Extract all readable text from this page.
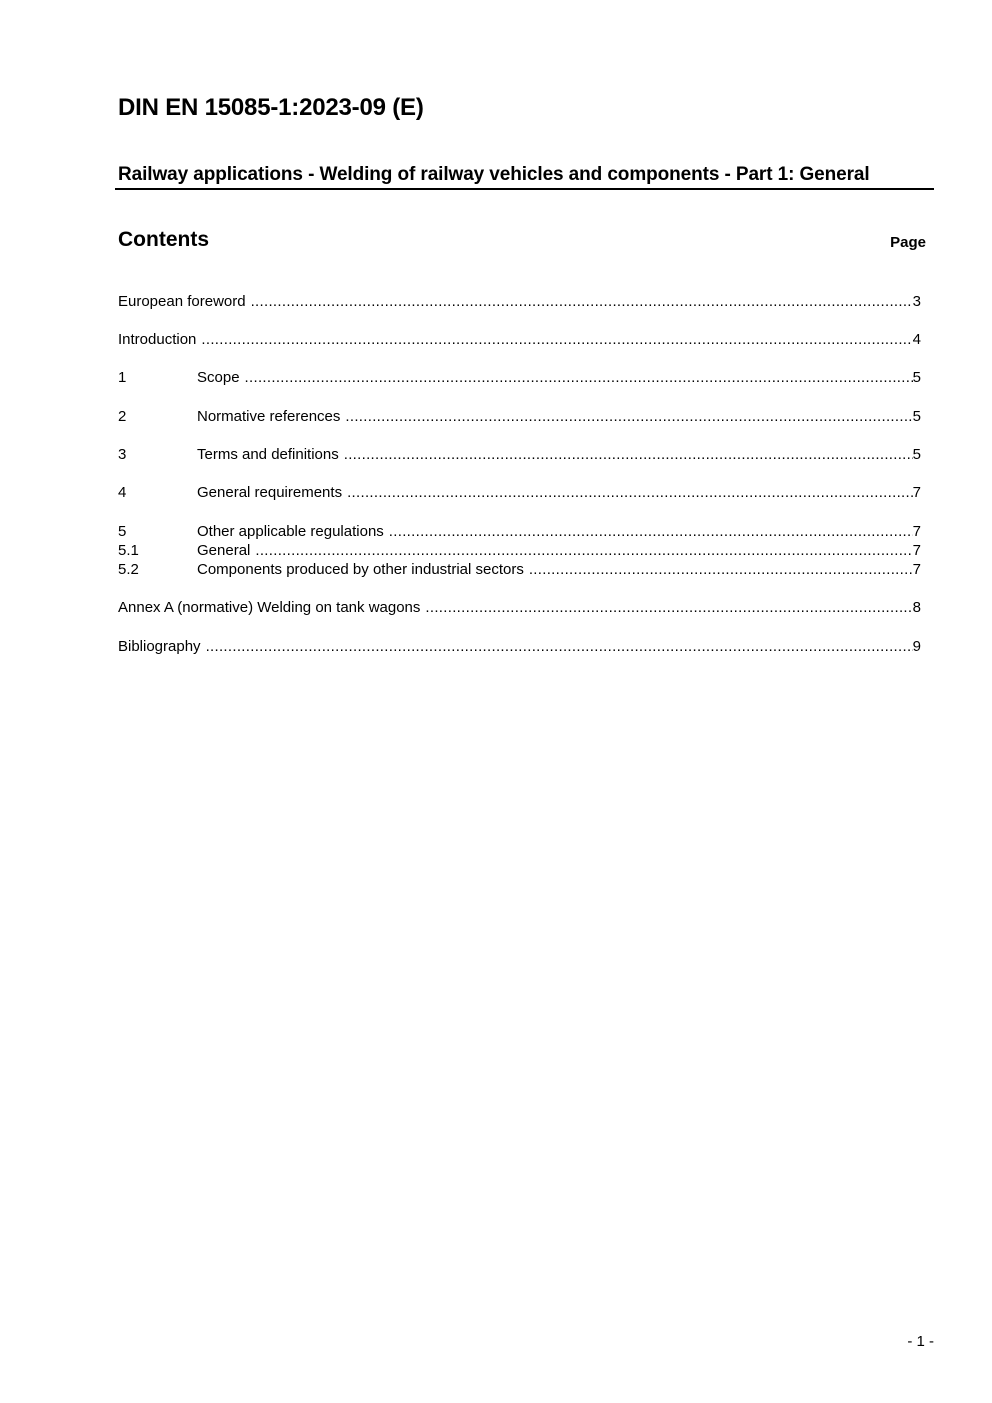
DIN EN 15085-1:2023-09 (E)
Railway applications - Welding of railway vehicles and components - Part 1: General
Contents	Page
European foreword .....	3
Introduction .....	4
1	Scope .....	5
2	Normative references .....	5
3	Terms and definitions .....	5
4	General requirements .....	7
5	Other applicable regulations .....	7
5.1	General .....	7
5.2	Components produced by other industrial sectors .....	7
Annex A (normative) Welding on tank wagons .....	8
Bibliography .....	9
- 1 -
